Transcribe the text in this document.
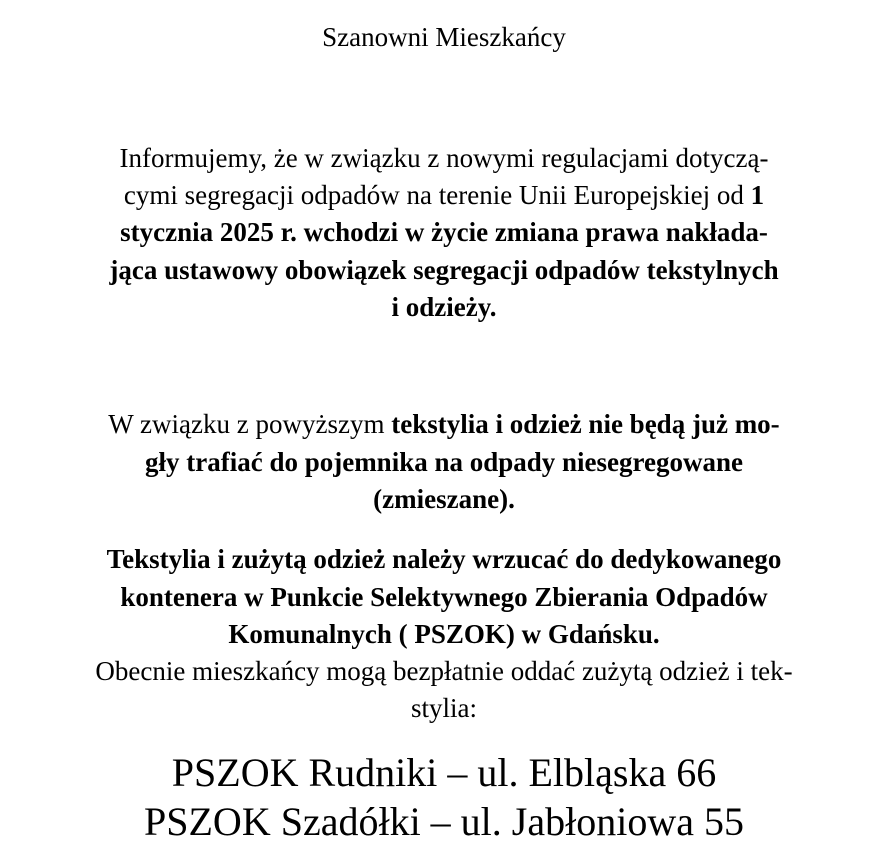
Szanowni Mieszkańcy
Informujemy, że w związku z nowymi regulacjami dotyczą-
cymi segregacji odpadów na terenie Unii Europejskiej od 1
stycznia 2025 r. wchodzi w życie zmiana prawa nakłada-
jąca ustawowy obowiązek segregacji odpadów tekstylnych
i odzieży.
W związku z powyższym tekstylia i odzież nie będą już mo-
gły trafiać do pojemnika na odpady niesegregowane
(zmieszane).
Tekstylia i zużytą odzież należy wrzucać do dedykowanego
kontenera w Punkcie Selektywnego Zbierania Odpadów
Komunalnych ( PSZOK) w Gdańsku.
Obecnie mieszkańcy mogą bezpłatnie oddać zużytą odzież i tek-
stylia:
PSZOK Rudniki – ul. Elbląska 66
PSZOK Szadółki – ul. Jabłoniowa 55
